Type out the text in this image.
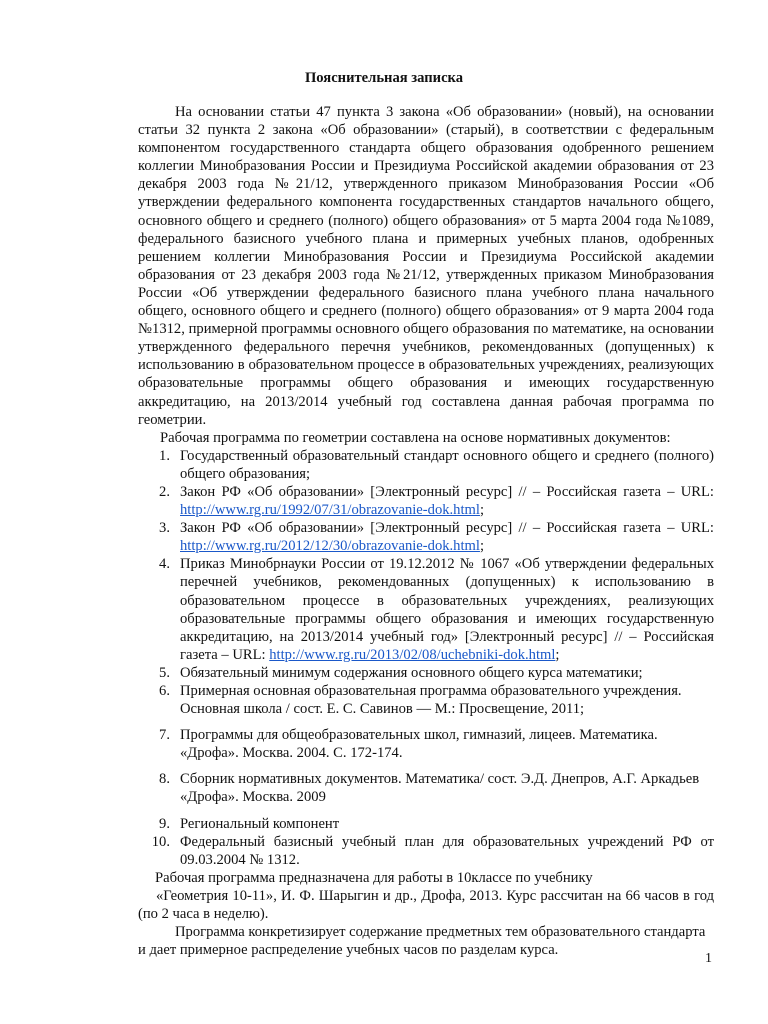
Пояснительная записка

На основании статьи 47 пункта 3 закона «Об образовании» (новый), на основании статьи 32 пункта 2 закона «Об образовании» (старый), в соответствии с федеральным компонентом государственного стандарта общего образования одобренного решением коллегии Минобразования России и Президиума Российской академии образования от 23 декабря 2003 года №21/12, утвержденного приказом Минобразования России «Об утверждении федерального компонента государственных стандартов начального общего, основного общего и среднего (полного) общего образования» от 5 марта 2004 года №1089, федерального базисного учебного плана и примерных учебных планов, одобренных решением коллегии Минобразования России и Президиума Российской академии образования от 23 декабря 2003 года №21/12, утвержденных приказом Минобразования России «Об утверждении федерального базисного плана учебного плана начального общего, основного общего и среднего (полного) общего образования» от 9 марта 2004 года №1312, примерной программы основного общего образования по математике, на основании утвержденного федерального перечня учебников, рекомендованных (допущенных) к использованию в образовательном процессе в образовательных учреждениях, реализующих образовательные программы общего образования и имеющих государственную аккредитацию, на 2013/2014 учебный год составлена данная рабочая программа по геометрии.

Рабочая программа по геометрии составлена на основе нормативных документов:

1. Государственный образовательный стандарт основного общего и среднего (полного) общего образования;
2. Закон РФ «Об образовании» [Электронный ресурс] // – Российская газета – URL: http://www.rg.ru/1992/07/31/obrazovanie-dok.html;
3. Закон РФ «Об образовании» [Электронный ресурс] // – Российская газета – URL: http://www.rg.ru/2012/12/30/obrazovanie-dok.html;
4. Приказ Минобрнауки России от 19.12.2012 № 1067 «Об утверждении федеральных перечней учебников, рекомендованных (допущенных) к использованию в образовательном процессе в образовательных учреждениях, реализующих образовательные программы общего образования и имеющих государственную аккредитацию, на 2013/2014 учебный год» [Электронный ресурс] // – Российская газета – URL: http://www.rg.ru/2013/02/08/uchebniki-dok.html;
5. Обязательный минимум содержания основного общего курса математики;
6. Примерная основная образовательная программа образовательного учреждения. Основная школа / сост. Е. С. Савинов — М.: Просвещение, 2011;
7. Программы для общеобразовательных школ, гимназий, лицеев. Математика. «Дрофа». Москва. 2004. С. 172-174.
8. Сборник нормативных документов. Математика/ сост. Э.Д. Днепров, А.Г. Аркадьев «Дрофа». Москва. 2009
9. Региональный компонент
10. Федеральный базисный учебный план для образовательных учреждений РФ от 09.03.2004 № 1312.

Рабочая программа предназначена для работы в 10классе по учебнику

«Геометрия 10-11», И. Ф. Шарыгин и др., Дрофа, 2013. Курс рассчитан на 66 часов в год (по 2 часа в неделю).

Программа конкретизирует содержание предметных тем образовательного стандарта и дает примерное распределение учебных часов по разделам курса.

1
